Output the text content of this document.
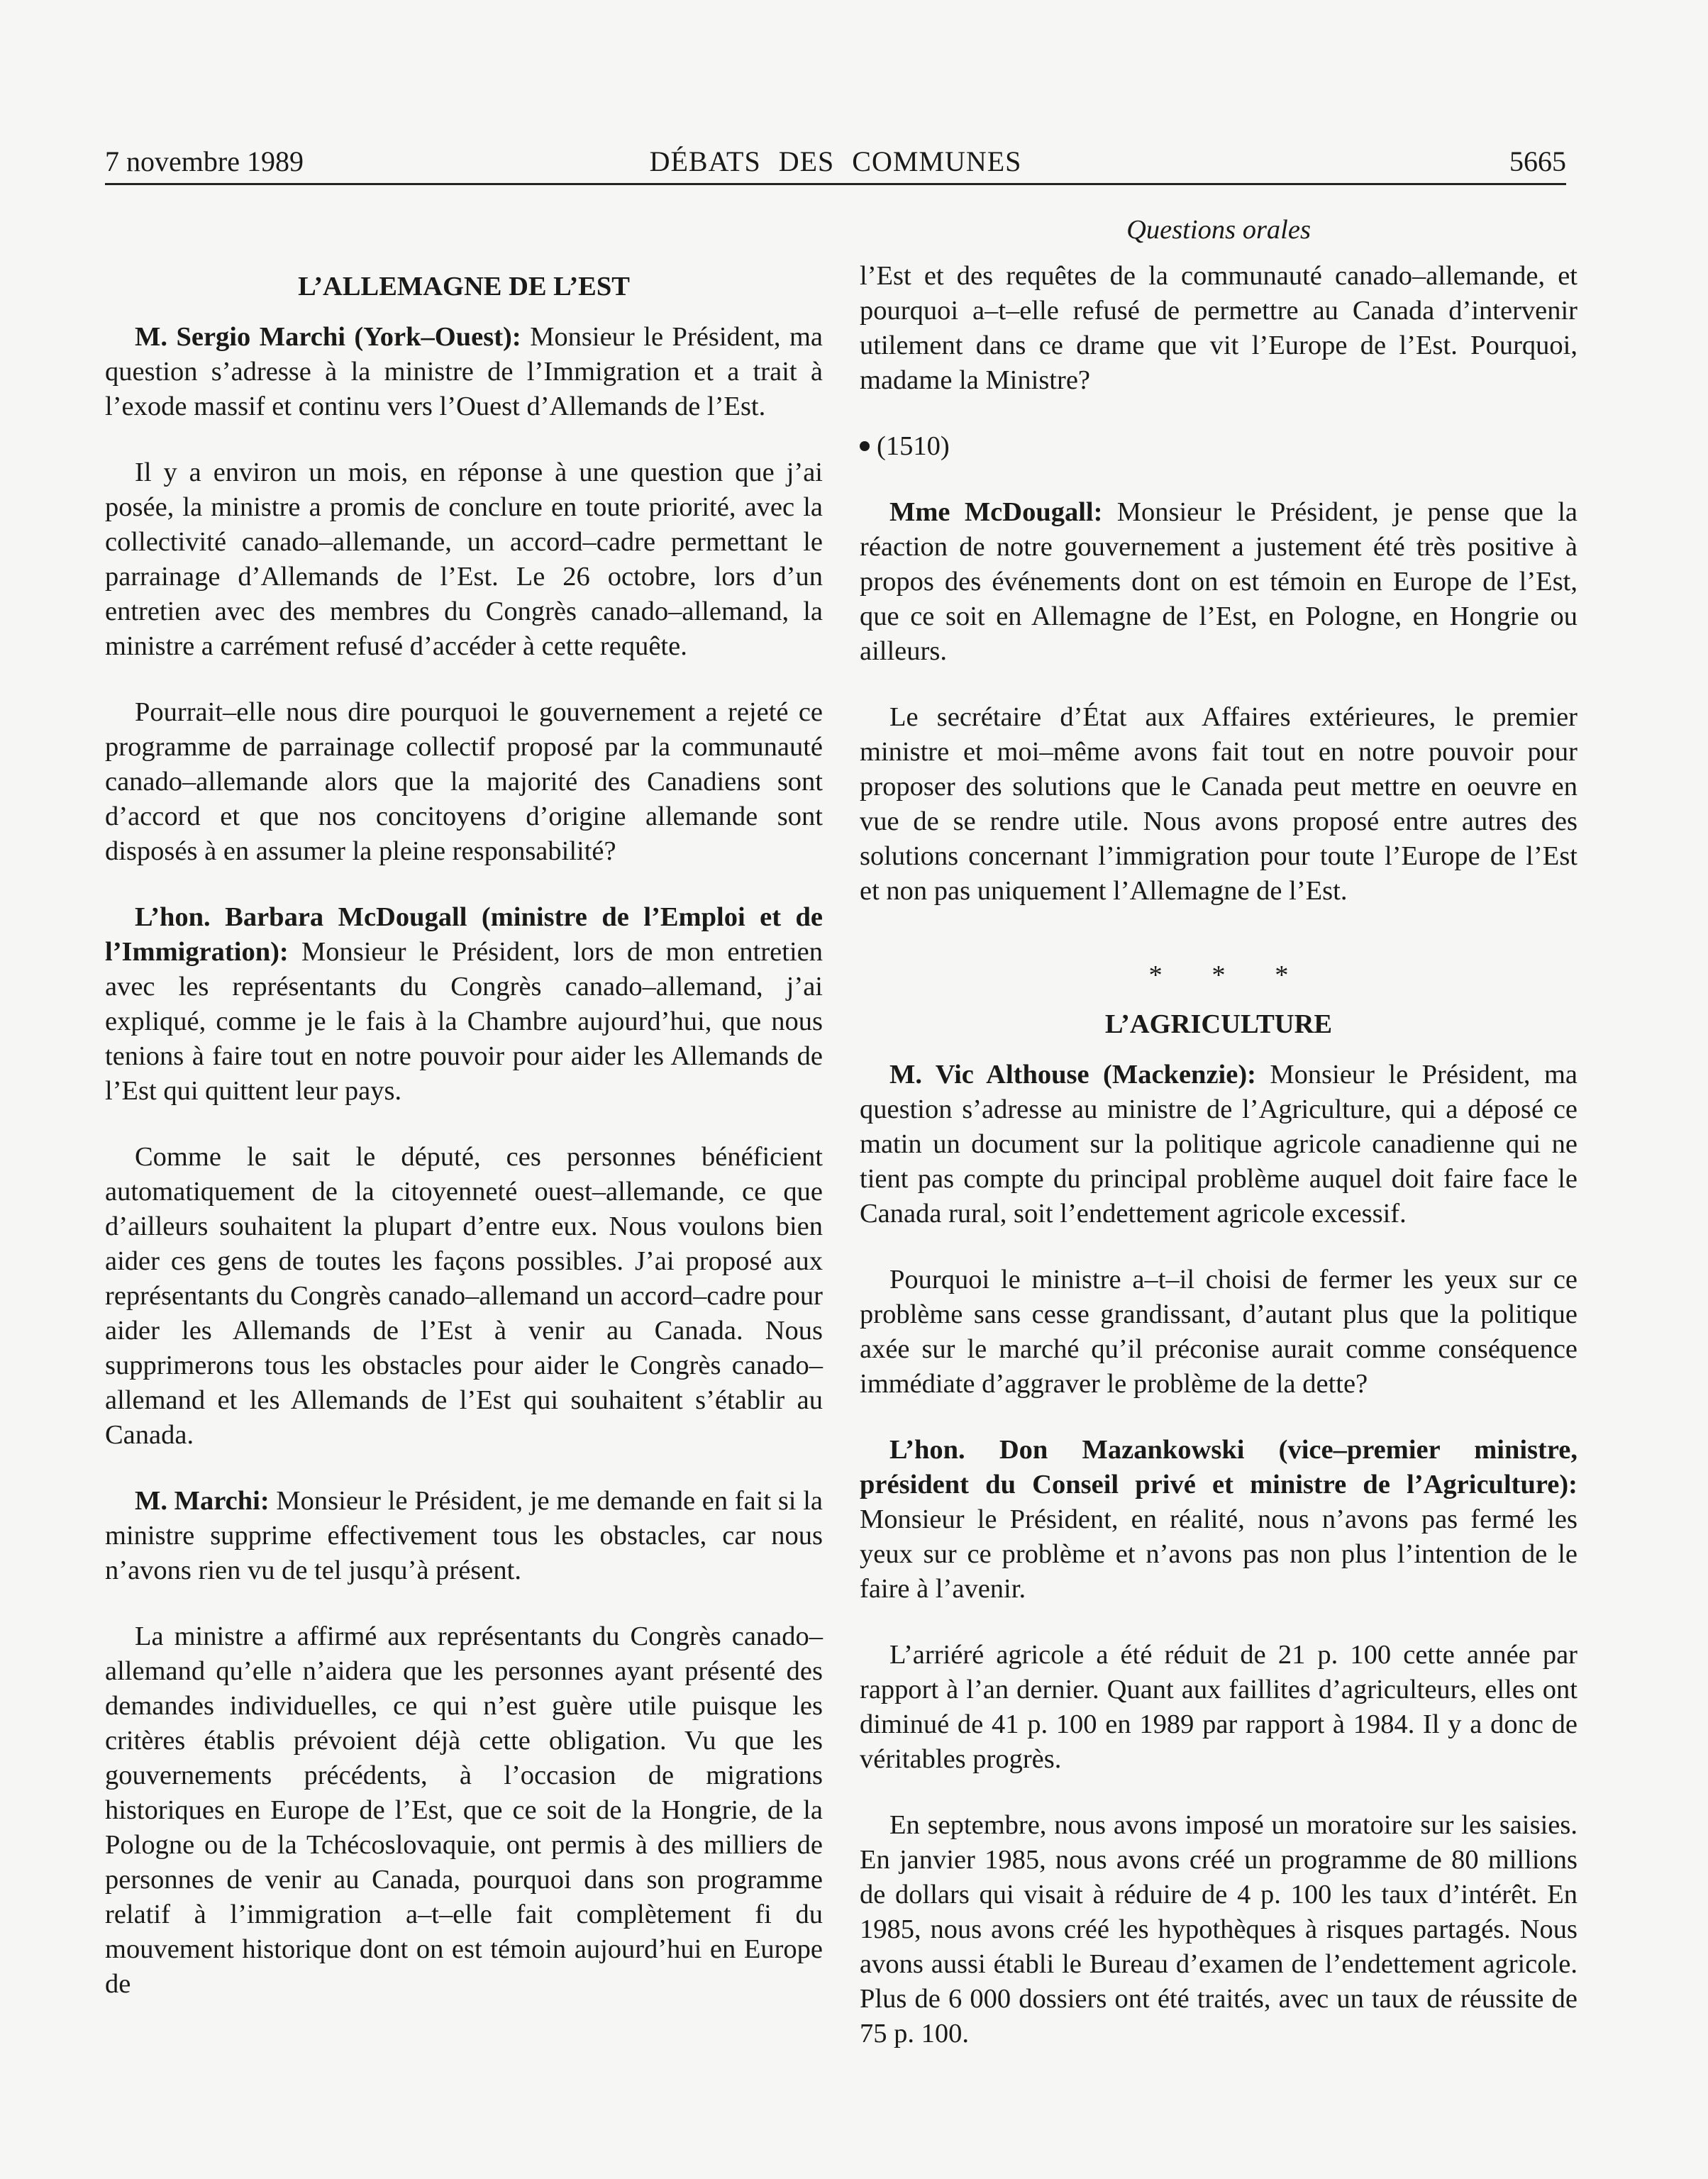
7 novembre 1989	DÉBATS DES COMMUNES	5665
L’ALLEMAGNE DE L’EST

M. Sergio Marchi (York–Ouest): Monsieur le Président, ma question s’adresse à la ministre de l’Immigration et a trait à l’exode massif et continu vers l’Ouest d’Allemands de l’Est.

Il y a environ un mois, en réponse à une question que j’ai posée, la ministre a promis de conclure en toute priorité, avec la collectivité canado–allemande, un accord–cadre permettant le parrainage d’Allemands de l’Est. Le 26 octobre, lors d’un entretien avec des membres du Congrès canado–allemand, la ministre a carrément refusé d’accéder à cette requête.

Pourrait–elle nous dire pourquoi le gouvernement a rejeté ce programme de parrainage collectif proposé par la communauté canado–allemande alors que la majorité des Canadiens sont d’accord et que nos concitoyens d’origine allemande sont disposés à en assumer la pleine responsabilité?

L’hon. Barbara McDougall (ministre de l’Emploi et de l’Immigration): Monsieur le Président, lors de mon entretien avec les représentants du Congrès canado–allemand, j’ai expliqué, comme je le fais à la Chambre aujourd’hui, que nous tenions à faire tout en notre pouvoir pour aider les Allemands de l’Est qui quittent leur pays.

Comme le sait le député, ces personnes bénéficient automatiquement de la citoyenneté ouest–allemande, ce que d’ailleurs souhaitent la plupart d’entre eux. Nous voulons bien aider ces gens de toutes les façons possibles. J’ai proposé aux représentants du Congrès canado–allemand un accord–cadre pour aider les Allemands de l’Est à venir au Canada. Nous supprimerons tous les obstacles pour aider le Congrès canado–allemand et les Allemands de l’Est qui souhaitent s’établir au Canada.

M. Marchi: Monsieur le Président, je me demande en fait si la ministre supprime effectivement tous les obstacles, car nous n’avons rien vu de tel jusqu’à présent.

La ministre a affirmé aux représentants du Congrès canado–allemand qu’elle n’aidera que les personnes ayant présenté des demandes individuelles, ce qui n’est guère utile puisque les critères établis prévoient déjà cette obligation. Vu que les gouvernements précédents, à l’occasion de migrations historiques en Europe de l’Est, que ce soit de la Hongrie, de la Pologne ou de la Tchécoslovaquie, ont permis à des milliers de personnes de venir au Canada, pourquoi dans son programme relatif à l’immigration a–t–elle fait complètement fi du mouvement historique dont on est témoin aujourd’hui en Europe de

Questions orales

l’Est et des requêtes de la communauté canado–allemande, et pourquoi a–t–elle refusé de permettre au Canada d’intervenir utilement dans ce drame que vit l’Europe de l’Est. Pourquoi, madame la Ministre?

(1510)

Mme McDougall: Monsieur le Président, je pense que la réaction de notre gouvernement a justement été très positive à propos des événements dont on est témoin en Europe de l’Est, que ce soit en Allemagne de l’Est, en Pologne, en Hongrie ou ailleurs.

Le secrétaire d’État aux Affaires extérieures, le premier ministre et moi–même avons fait tout en notre pouvoir pour proposer des solutions que le Canada peut mettre en oeuvre en vue de se rendre utile. Nous avons proposé entre autres des solutions concernant l’immigration pour toute l’Europe de l’Est et non pas uniquement l’Allemagne de l’Est.

* * *
L’AGRICULTURE

M. Vic Althouse (Mackenzie): Monsieur le Président, ma question s’adresse au ministre de l’Agriculture, qui a déposé ce matin un document sur la politique agricole canadienne qui ne tient pas compte du principal problème auquel doit faire face le Canada rural, soit l’endettement agricole excessif.

Pourquoi le ministre a–t–il choisi de fermer les yeux sur ce problème sans cesse grandissant, d’autant plus que la politique axée sur le marché qu’il préconise aurait comme conséquence immédiate d’aggraver le problème de la dette?

L’hon. Don Mazankowski (vice–premier ministre, président du Conseil privé et ministre de l’Agriculture): Monsieur le Président, en réalité, nous n’avons pas fermé les yeux sur ce problème et n’avons pas non plus l’intention de le faire à l’avenir.

L’arriéré agricole a été réduit de 21 p. 100 cette année par rapport à l’an dernier. Quant aux faillites d’agriculteurs, elles ont diminué de 41 p. 100 en 1989 par rapport à 1984. Il y a donc de véritables progrès.

En septembre, nous avons imposé un moratoire sur les saisies. En janvier 1985, nous avons créé un programme de 80 millions de dollars qui visait à réduire de 4 p. 100 les taux d’intérêt. En 1985, nous avons créé les hypothèques à risques partagés. Nous avons aussi établi le Bureau d’examen de l’endettement agricole. Plus de 6 000 dossiers ont été traités, avec un taux de réussite de 75 p. 100.
